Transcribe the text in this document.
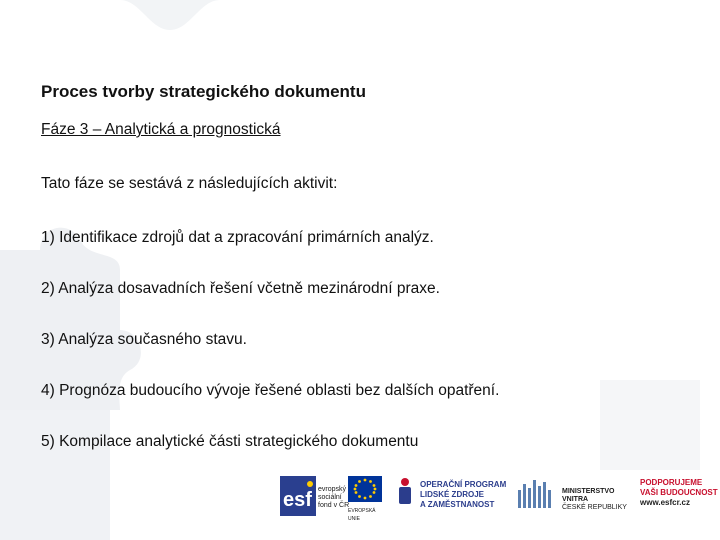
Proces tvorby strategického dokumentu
Fáze 3 – Analytická a prognostická
Tato fáze se sestává z následujících aktivit:
1) Identifikace zdrojů dat a zpracování primárních analýz.
2) Analýza dosavadních řešení včetně mezinárodní praxe.
3) Analýza současného stavu.
4) Prognóza budoucího vývoje řešené oblasti bez dalších opatření.
5) Kompilace analytické části strategického dokumentu
esf evropský
sociální
fond v ČR
EVROPSKÁ UNIE
OPERAČNÍ PROGRAM
LIDSKÉ ZDROJE
A ZAMĚSTNANOST
MINISTERSTVO VNITRA
ČESKÉ REPUBLIKY
PODPORUJEME
VAŠI BUDOUCNOST
www.esfcr.cz
